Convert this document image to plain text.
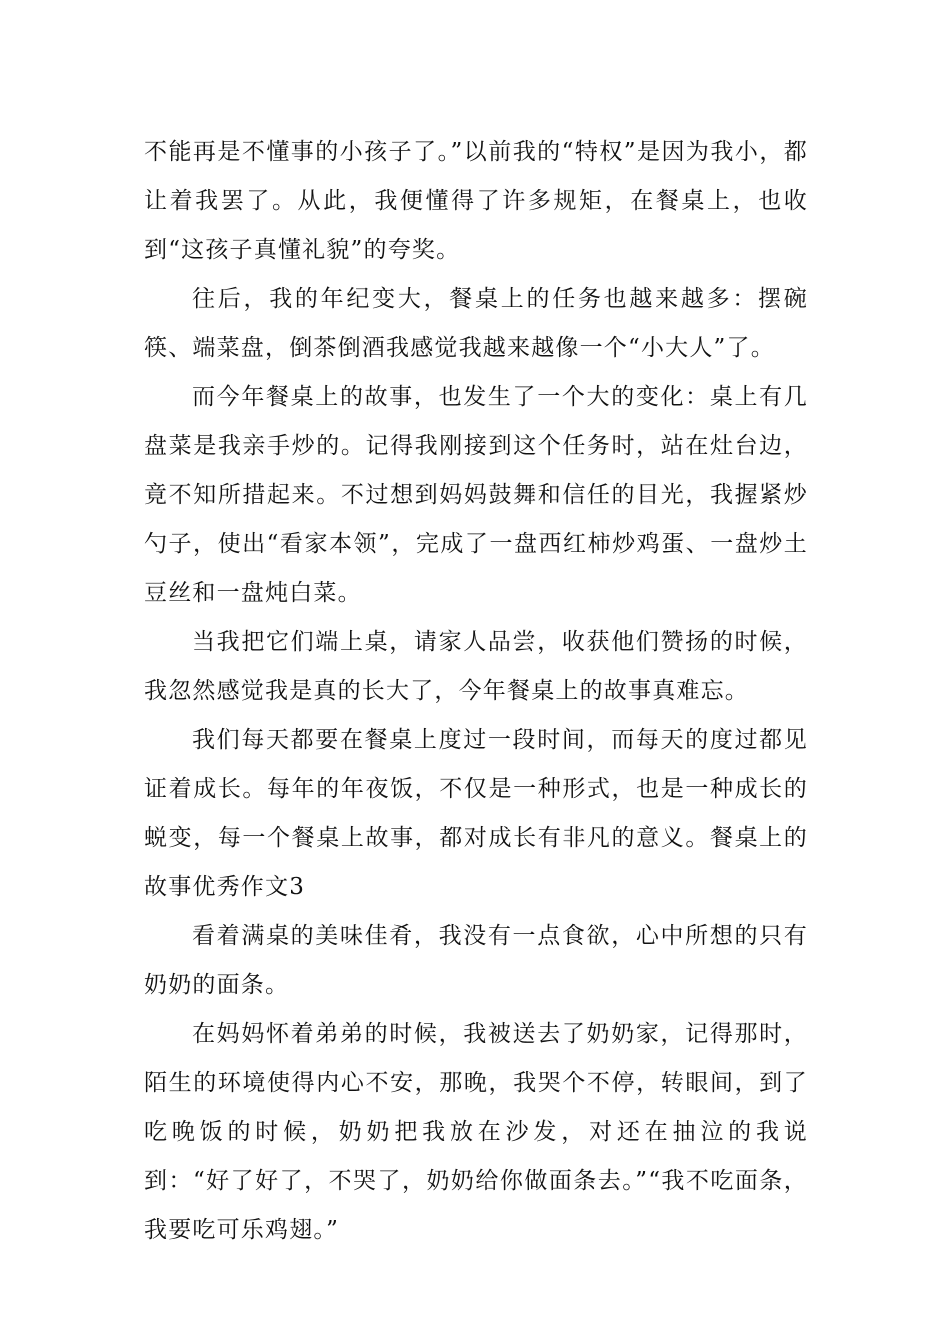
不能再是不懂事的小孩子了。”以前我的“特权”是因为我小，都让着我罢了。从此，我便懂得了许多规矩，在餐桌上，也收到“这孩子真懂礼貌”的夸奖。

往后，我的年纪变大，餐桌上的任务也越来越多：摆碗筷、端菜盘，倒茶倒酒我感觉我越来越像一个“小大人”了。

而今年餐桌上的故事，也发生了一个大的变化：桌上有几盘菜是我亲手炒的。记得我刚接到这个任务时，站在灶台边，竟不知所措起来。不过想到妈妈鼓舞和信任的目光，我握紧炒勺子，使出“看家本领”，完成了一盘西红柿炒鸡蛋、一盘炒土豆丝和一盘炖白菜。

当我把它们端上桌，请家人品尝，收获他们赞扬的时候，我忽然感觉我是真的长大了，今年餐桌上的故事真难忘。

我们每天都要在餐桌上度过一段时间，而每天的度过都见证着成长。每年的年夜饭，不仅是一种形式，也是一种成长的蜕变，每一个餐桌上故事，都对成长有非凡的意义。餐桌上的故事优秀作文3

看着满桌的美味佳肴，我没有一点食欲，心中所想的只有奶奶的面条。

在妈妈怀着弟弟的时候，我被送去了奶奶家，记得那时，陌生的环境使得内心不安，那晚，我哭个不停，转眼间，到了吃晚饭的时候，奶奶把我放在沙发，对还在抽泣的我说到：“好了好了，不哭了，奶奶给你做面条去。”“我不吃面条，我要吃可乐鸡翅。”
